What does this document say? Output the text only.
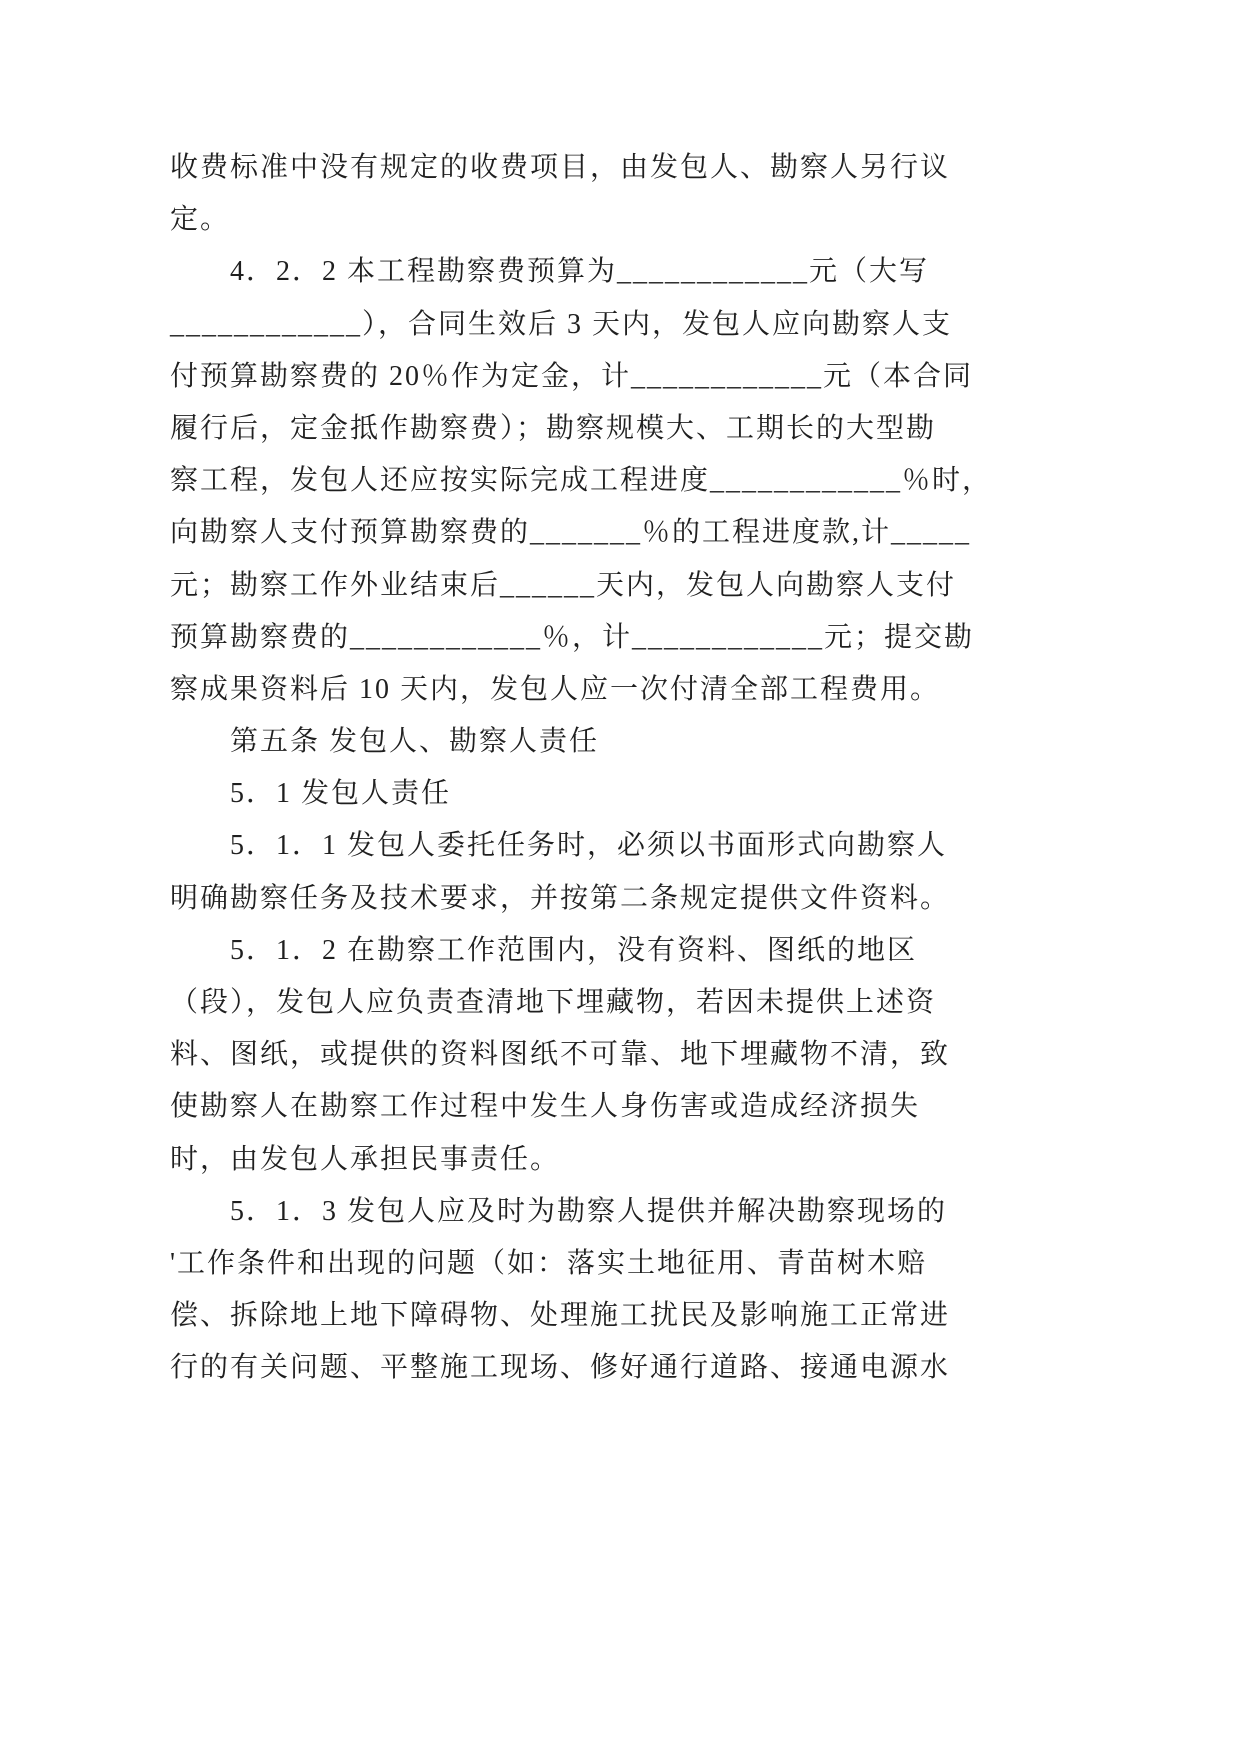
收费标准中没有规定的收费项目，由发包人、勘察人另行议
定。
4．2．2 本工程勘察费预算为____________元（大写
____________），合同生效后 3 天内，发包人应向勘察人支
付预算勘察费的 20％作为定金，计____________元（本合同
履行后，定金抵作勘察费）；勘察规模大、工期长的大型勘
察工程，发包人还应按实际完成工程进度____________％时，
向勘察人支付预算勘察费的_______％的工程进度款,计_____
元；勘察工作外业结束后______天内，发包人向勘察人支付
预算勘察费的____________％，计____________元；提交勘
察成果资料后 10 天内，发包人应一次付清全部工程费用。
第五条 发包人、勘察人责任
5．1 发包人责任
5．1．1 发包人委托任务时，必须以书面形式向勘察人
明确勘察任务及技术要求，并按第二条规定提供文件资料。
5．1．2 在勘察工作范围内，没有资料、图纸的地区
（段），发包人应负责查清地下埋藏物，若因未提供上述资
料、图纸，或提供的资料图纸不可靠、地下埋藏物不清，致
使勘察人在勘察工作过程中发生人身伤害或造成经济损失
时，由发包人承担民事责任。
5．1．3 发包人应及时为勘察人提供并解决勘察现场的
'工作条件和出现的问题（如：落实土地征用、青苗树木赔
偿、拆除地上地下障碍物、处理施工扰民及影响施工正常进
行的有关问题、平整施工现场、修好通行道路、接通电源水
